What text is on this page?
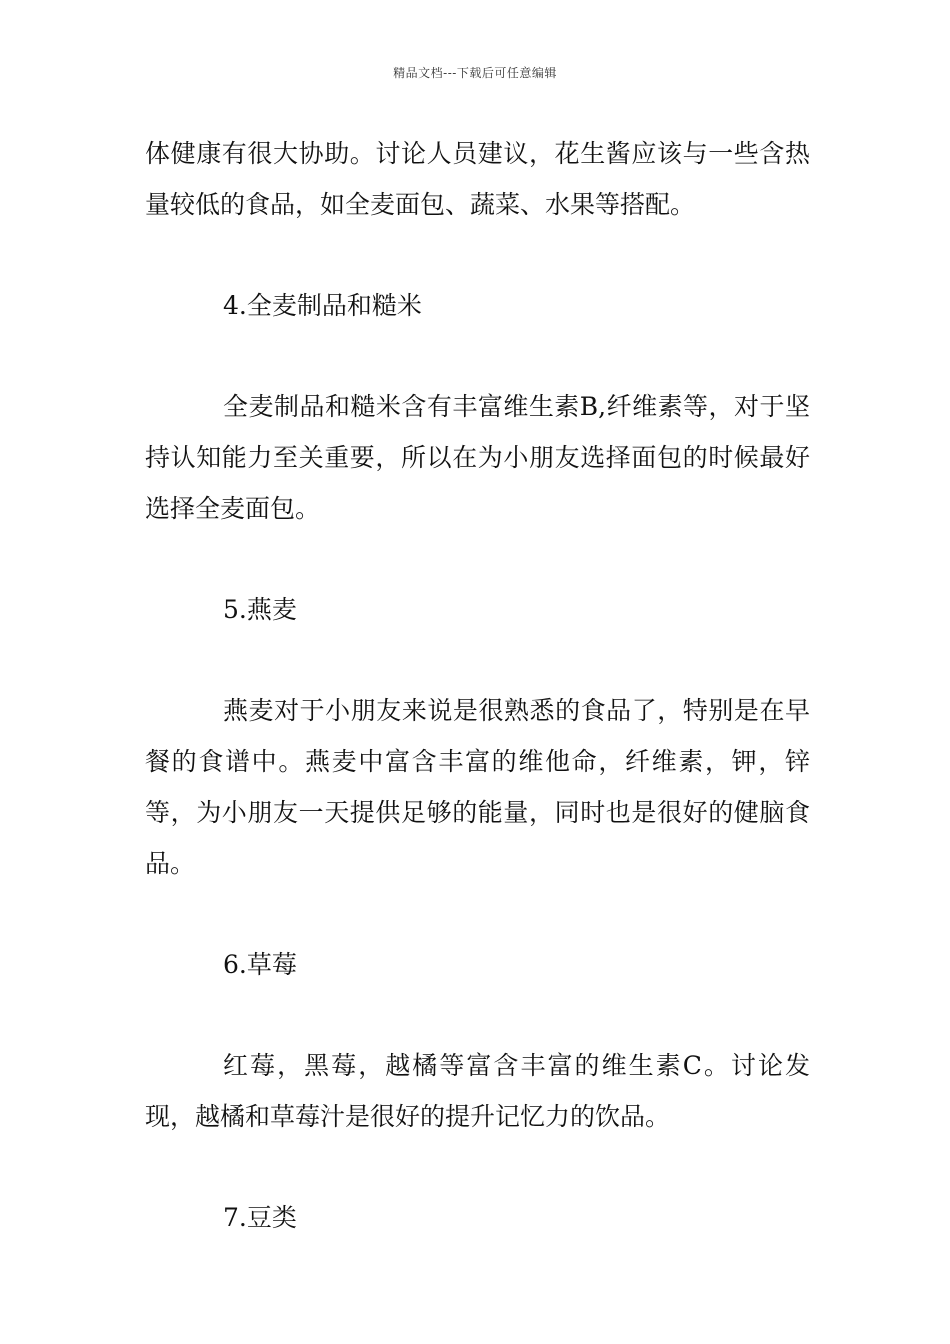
精品文档---下载后可任意编辑

体健康有很大协助。讨论人员建议，花生酱应该与一些含热量较低的食品，如全麦面包、蔬菜、水果等搭配。

4.全麦制品和糙米

全麦制品和糙米含有丰富维生素B,纤维素等，对于坚持认知能力至关重要，所以在为小朋友选择面包的时候最好选择全麦面包。

5.燕麦

燕麦对于小朋友来说是很熟悉的食品了，特别是在早餐的食谱中。燕麦中富含丰富的维他命，纤维素，钾，锌等，为小朋友一天提供足够的能量，同时也是很好的健脑食品。

6.草莓

红莓，黑莓，越橘等富含丰富的维生素C。讨论发现，越橘和草莓汁是很好的提升记忆力的饮品。

7.豆类
